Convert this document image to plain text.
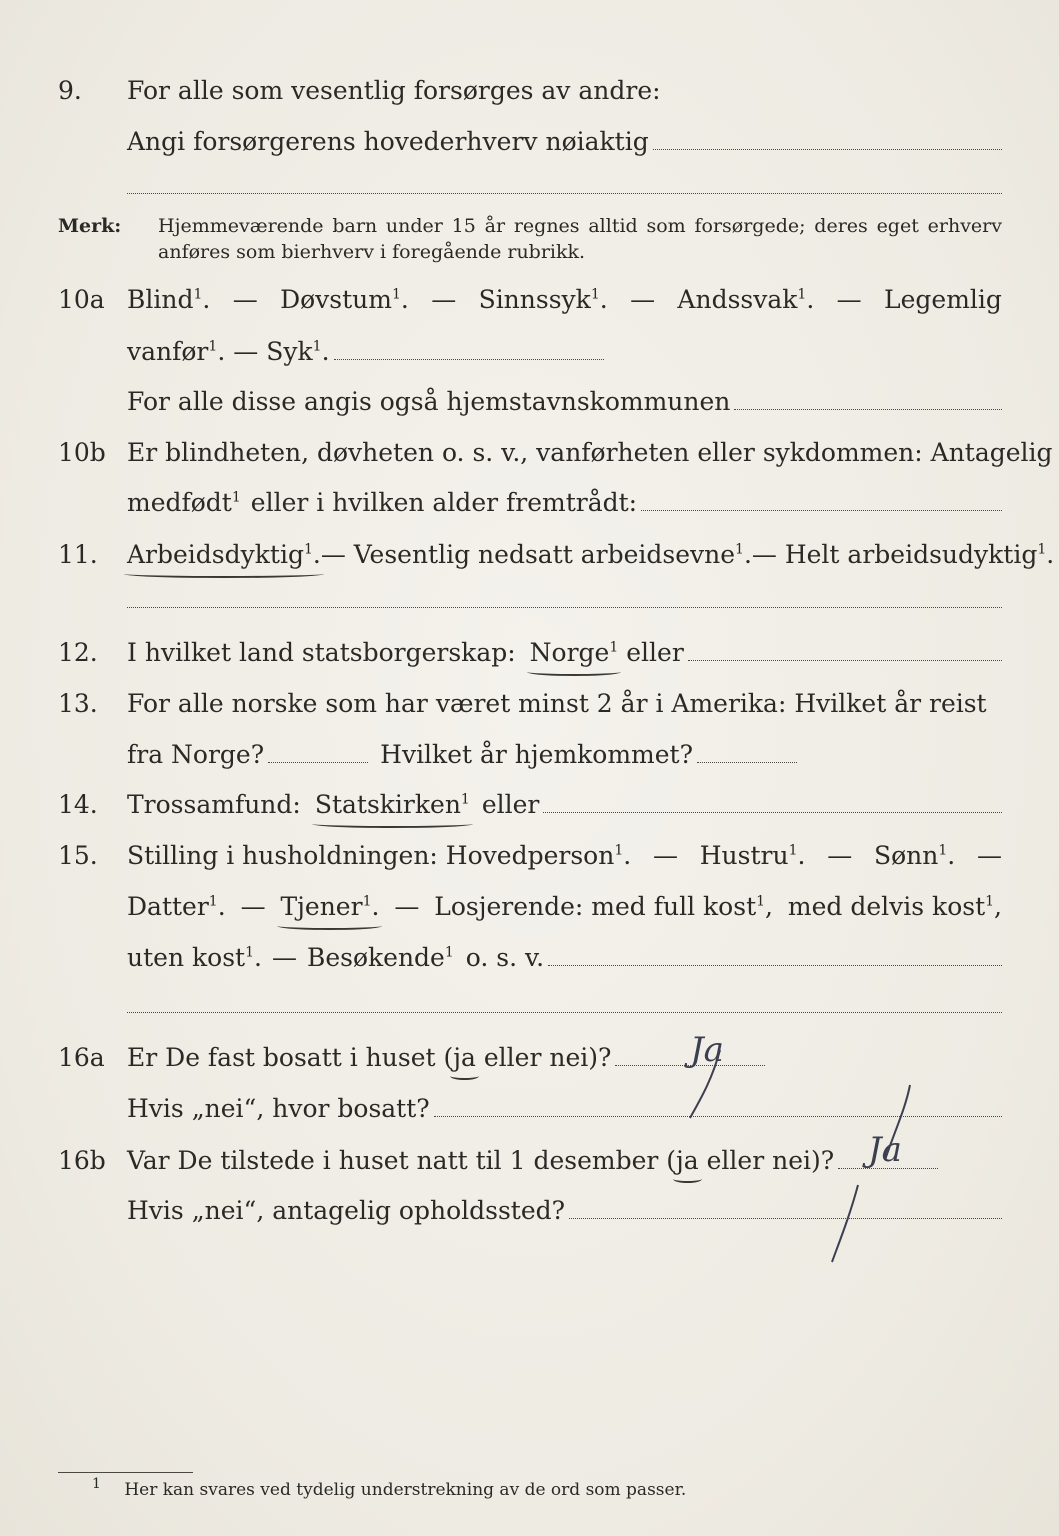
9.	For alle som vesentlig forsørges av andre:
Angi forsørgerens hovederhverv nøiaktig
Merk: Hjemmeværende barn under 15 år regnes alltid som forsørgede; deres eget erhverv
anføres som bierhverv i foregående rubrikk.
10a Blind$^1$. — Døvstum$^1$. — Sinnssyk$^1$. — Andssvak$^1$. — Legemlig
vanfør$^1$. — Syk$^1$.
For alle disse angis også hjemstavnskommunen
10b Er blindheten, døvheten o. s. v., vanførheten eller sykdommen: Antagelig
medfødt$^1$ eller i hvilken alder fremtrådt:
11.	Arbeidsdyktig$^1$. — Vesentlig nedsatt arbeidsevne$^1$. — Helt arbeidsudyktig$^1$.
12.	I hvilket land statsborgerskap: Norge$^1$ eller
13.	For alle norske som har været minst 2 år i Amerika: Hvilket år reist
fra Norge?	Hvilket år hjemkommet?
14.	Trossamfund: Statskirken$^1$ eller
15.	Stilling i husholdningen: Hovedperson$^1$. — Hustru$^1$. — Sønn$^1$. —
Datter$^1$. — Tjener$^1$. — Losjerende: med full kost$^1$, med delvis kost$^1$,
uten kost$^1$. — Besøkende$^1$ o. s. v.
16a Er De fast bosatt i huset (ja eller nei)? Ja
Hvis „nei“, hvor bosatt?
16b Var De tilstede i huset natt til 1 desember (ja eller nei)? Ja
Hvis „nei“, antagelig opholdssted?
$^1$ Her kan svares ved tydelig understrekning av de ord som passer.
